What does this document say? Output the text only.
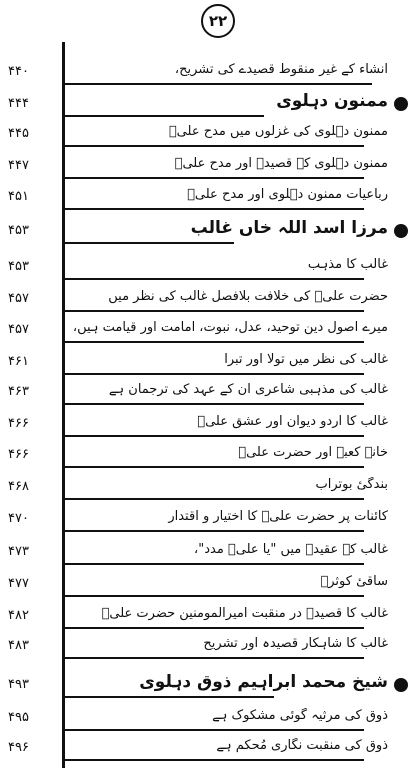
۲۲
۴۴۰	انشاء کے غیر منقوط قصیدے کی تشریح،
۴۴۴	ممنون دہلوی
۴۴۵	ممنون دہلوی کی غزلوں میں مدح علیؑ
۴۴۷	ممنون دہلوی کے قصیدے اور مدح علیؑ
۴۵۱	رباعیات ممنون دہلوی اور مدح علیؑ
۴۵۳	مرزا اسد اللہ خاں غالب
۴۵۳	غالب کا مذہب
۴۵۷	حضرت علیؑ کی خلافت بلافصل غالب کی نظر میں
۴۵۷	میرے اصول دین توحید، عدل، نبوت، امامت اور قیامت ہیں،
۴۶۱	غالب کی نظر میں تولا اور تبرا
۴۶۳	غالب کی مذہبی شاعری اُن کے عہد کی ترجمان ہے
۴۶۶	غالب کا اردو دیوان اور عشق علیؑ
۴۶۶	خانۂ کعبہ اور حضرت علیؑ
۴۶۸	بندگیٔ بوتراب
۴۷۰	کائنات پر حضرت علیؑ کا اختیار و اقتدار
۴۷۳	غالب کے عقیدے میں "یا علیؑ مدد"،
۴۷۷	ساقیٔ کوثرؑ
۴۸۲	غالب کا قصیدہ در منقبت امیرالمومنین حضرت علیؑ
۴۸۳	غالب کا شاہکار قصیدہ اور تشریح
۴۹۳	شیخ محمد ابراہیم ذوق دہلوی
۴۹۵	ذوق کی مرثیہ گوئی مشکوک ہے
۴۹۶	ذوق کی منقبت نگاری مُحکم ہے
